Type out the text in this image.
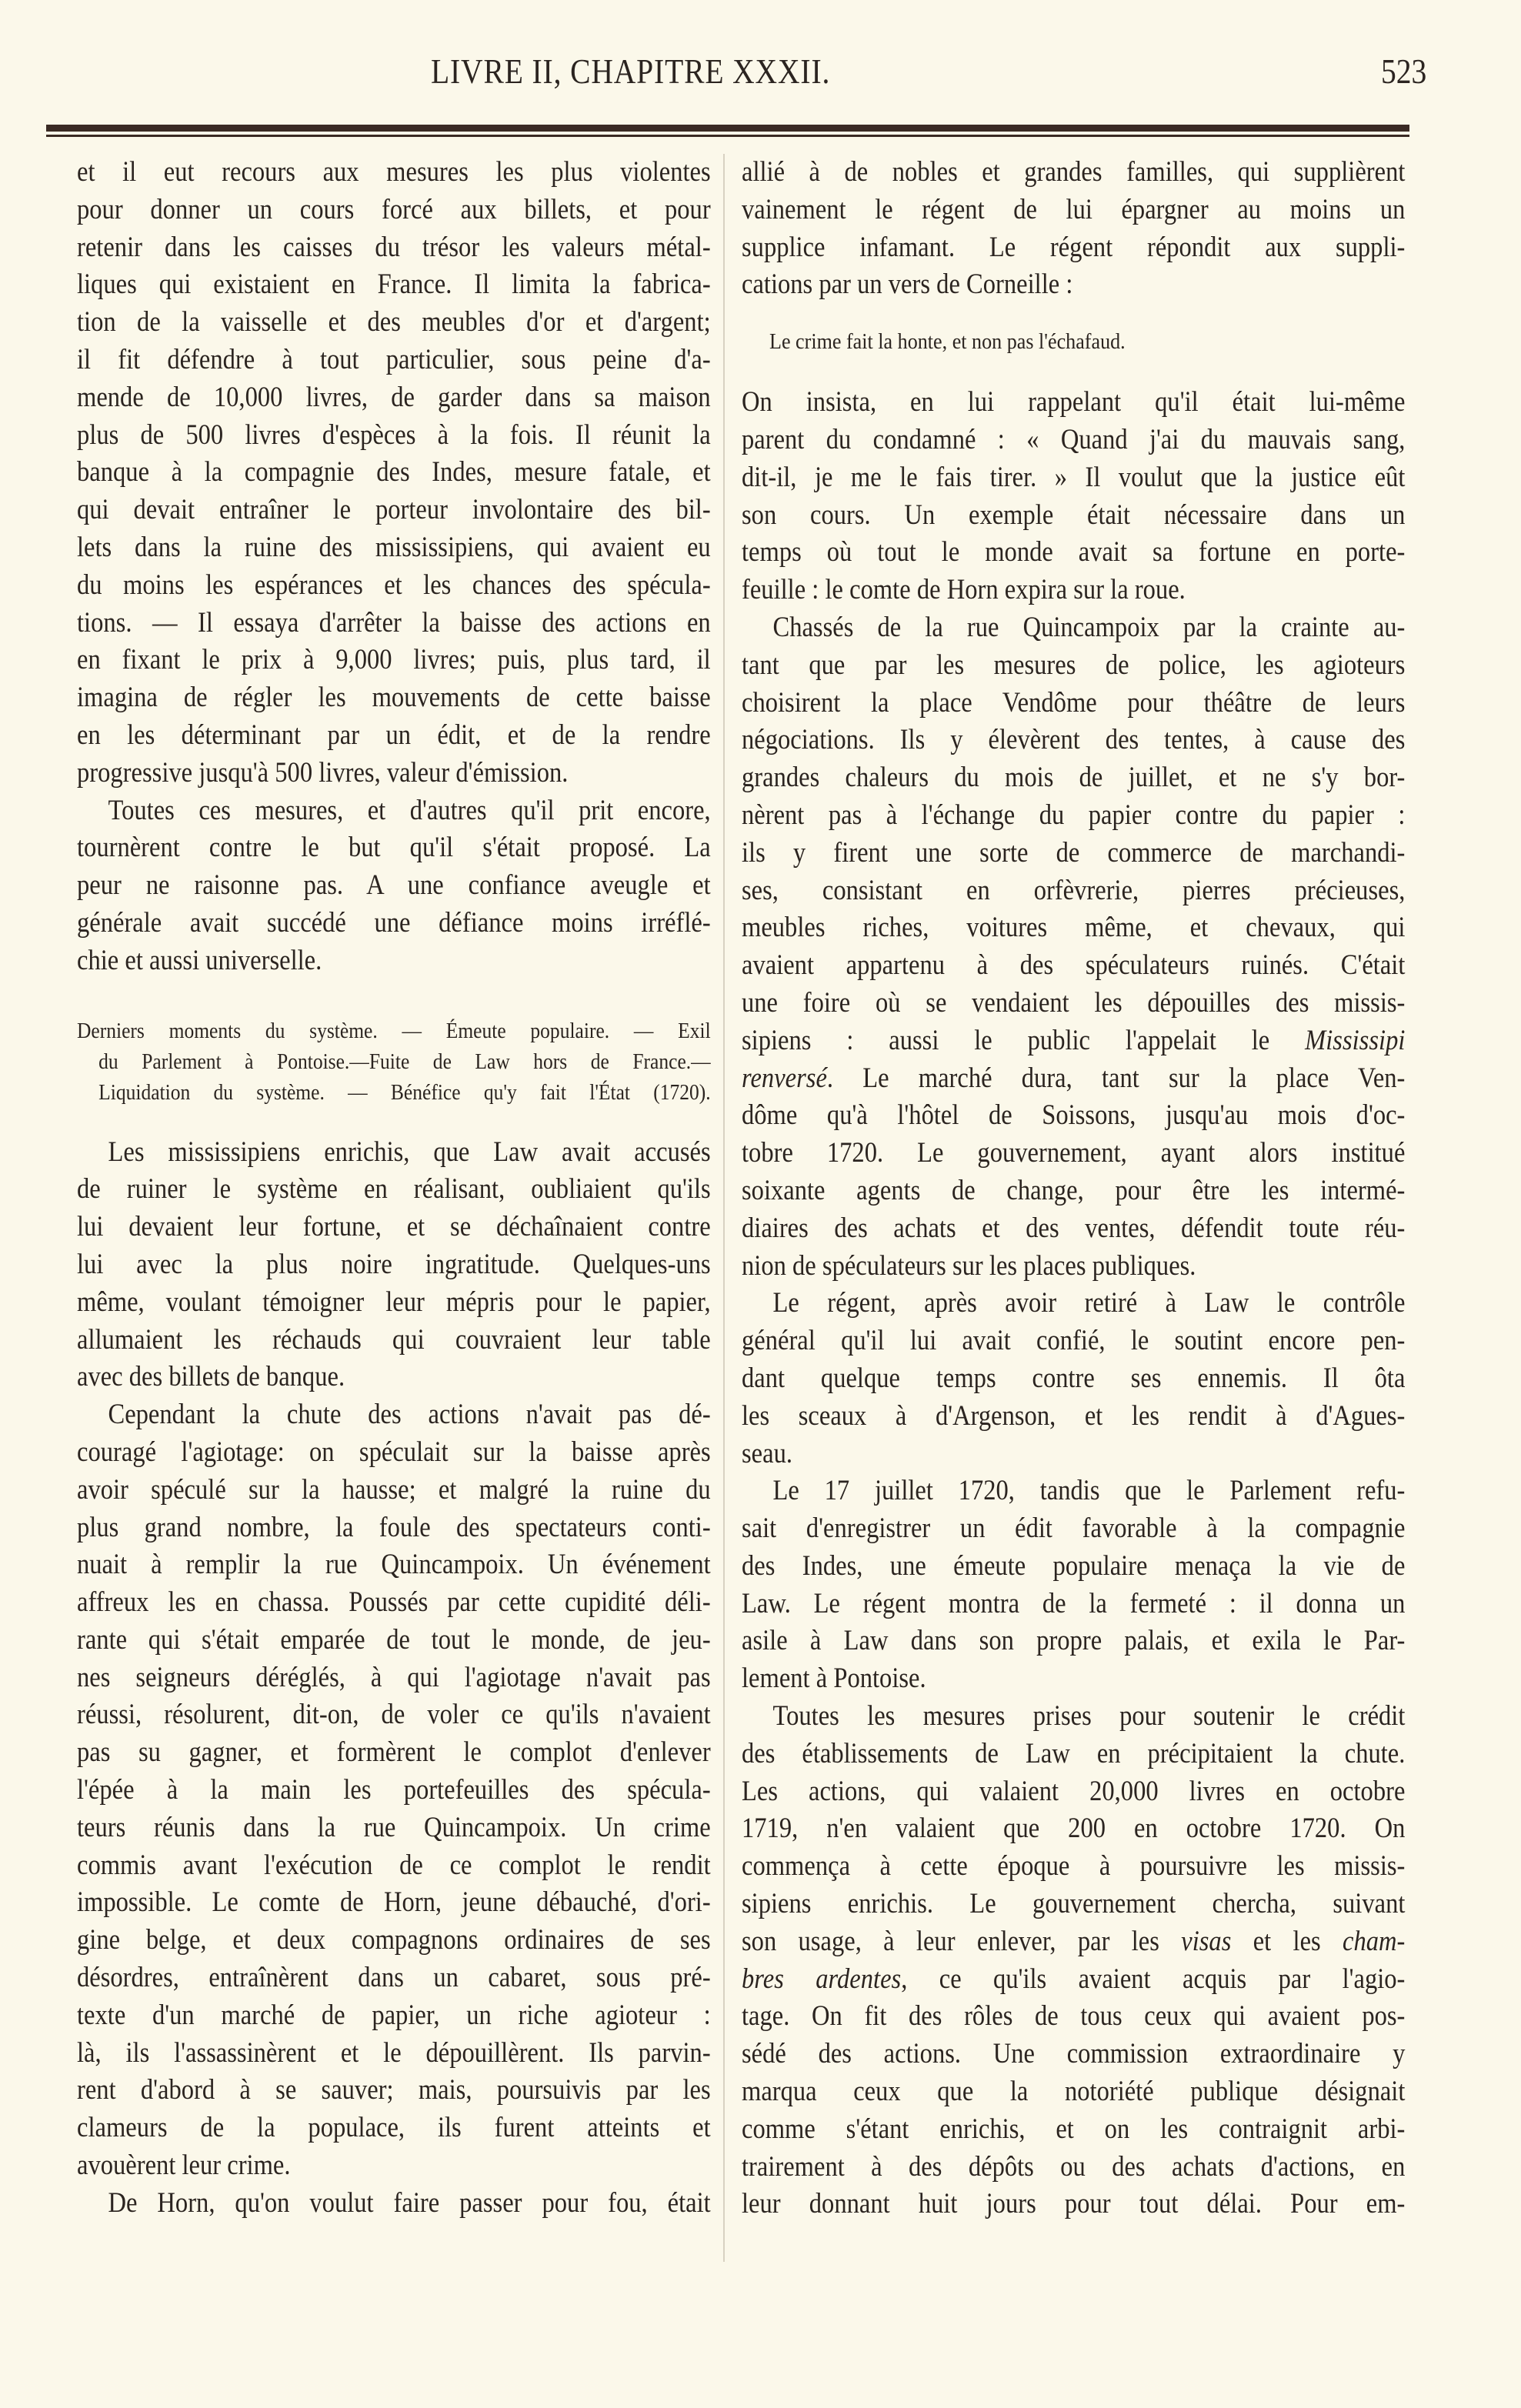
LIVRE II, CHAPITRE XXXII.	523
et il eut recours aux mesures les plus violentes
pour donner un cours forcé aux billets, et pour
retenir dans les caisses du trésor les valeurs métal-
liques qui existaient en France. Il limita la fabrica-
tion de la vaisselle et des meubles d'or et d'argent;
il fit défendre à tout particulier, sous peine d'a-
mende de 10,000 livres, de garder dans sa maison
plus de 500 livres d'espèces à la fois. Il réunit la
banque à la compagnie des Indes, mesure fatale, et
qui devait entraîner le porteur involontaire des bil-
lets dans la ruine des mississipiens, qui avaient eu
du moins les espérances et les chances des spécula-
tions. — Il essaya d'arrêter la baisse des actions en
en fixant le prix à 9,000 livres; puis, plus tard, il
imagina de régler les mouvements de cette baisse
en les déterminant par un édit, et de la rendre
progressive jusqu'à 500 livres, valeur d'émission.
Toutes ces mesures, et d'autres qu'il prit encore,
tournèrent contre le but qu'il s'était proposé. La
peur ne raisonne pas. A une confiance aveugle et
générale avait succédé une défiance moins irréflé-
chie et aussi universelle.
Derniers moments du système. — Émeute populaire. — Exil
du Parlement à Pontoise.—Fuite de Law hors de France.—
Liquidation du système. — Bénéfice qu'y fait l'État (1720).
Les mississipiens enrichis, que Law avait accusés
de ruiner le système en réalisant, oubliaient qu'ils
lui devaient leur fortune, et se déchaînaient contre
lui avec la plus noire ingratitude. Quelques-uns
même, voulant témoigner leur mépris pour le papier,
allumaient les réchauds qui couvraient leur table
avec des billets de banque.
Cependant la chute des actions n'avait pas dé-
couragé l'agiotage: on spéculait sur la baisse après
avoir spéculé sur la hausse; et malgré la ruine du
plus grand nombre, la foule des spectateurs conti-
nuait à remplir la rue Quincampoix. Un événement
affreux les en chassa. Poussés par cette cupidité déli-
rante qui s'était emparée de tout le monde, de jeu-
nes seigneurs déréglés, à qui l'agiotage n'avait pas
réussi, résolurent, dit-on, de voler ce qu'ils n'avaient
pas su gagner, et formèrent le complot d'enlever
l'épée à la main les portefeuilles des spécula-
teurs réunis dans la rue Quincampoix. Un crime
commis avant l'exécution de ce complot le rendit
impossible. Le comte de Horn, jeune débauché, d'ori-
gine belge, et deux compagnons ordinaires de ses
désordres, entraînèrent dans un cabaret, sous pré-
texte d'un marché de papier, un riche agioteur :
là, ils l'assassinèrent et le dépouillèrent. Ils parvin-
rent d'abord à se sauver; mais, poursuivis par les
clameurs de la populace, ils furent atteints et
avouèrent leur crime.
De Horn, qu'on voulut faire passer pour fou, était
allié à de nobles et grandes familles, qui supplièrent
vainement le régent de lui épargner au moins un
supplice infamant. Le régent répondit aux suppli-
cations par un vers de Corneille :
Le crime fait la honte, et non pas l'échafaud.
On insista, en lui rappelant qu'il était lui-même
parent du condamné : « Quand j'ai du mauvais sang,
dit-il, je me le fais tirer. » Il voulut que la justice eût
son cours. Un exemple était nécessaire dans un
temps où tout le monde avait sa fortune en porte-
feuille : le comte de Horn expira sur la roue.
Chassés de la rue Quincampoix par la crainte au-
tant que par les mesures de police, les agioteurs
choisirent la place Vendôme pour théâtre de leurs
négociations. Ils y élevèrent des tentes, à cause des
grandes chaleurs du mois de juillet, et ne s'y bor-
nèrent pas à l'échange du papier contre du papier :
ils y firent une sorte de commerce de marchandi-
ses, consistant en orfèvrerie, pierres précieuses,
meubles riches, voitures même, et chevaux, qui
avaient appartenu à des spéculateurs ruinés. C'était
une foire où se vendaient les dépouilles des missis-
sipiens : aussi le public l'appelait le Mississipi
renversé. Le marché dura, tant sur la place Ven-
dôme qu'à l'hôtel de Soissons, jusqu'au mois d'oc-
tobre 1720. Le gouvernement, ayant alors institué
soixante agents de change, pour être les intermé-
diaires des achats et des ventes, défendit toute réu-
nion de spéculateurs sur les places publiques.
Le régent, après avoir retiré à Law le contrôle
général qu'il lui avait confié, le soutint encore pen-
dant quelque temps contre ses ennemis. Il ôta
les sceaux à d'Argenson, et les rendit à d'Agues-
seau.
Le 17 juillet 1720, tandis que le Parlement refu-
sait d'enregistrer un édit favorable à la compagnie
des Indes, une émeute populaire menaça la vie de
Law. Le régent montra de la fermeté : il donna un
asile à Law dans son propre palais, et exila le Par-
lement à Pontoise.
Toutes les mesures prises pour soutenir le crédit
des établissements de Law en précipitaient la chute.
Les actions, qui valaient 20,000 livres en octobre
1719, n'en valaient que 200 en octobre 1720. On
commença à cette époque à poursuivre les missis-
sipiens enrichis. Le gouvernement chercha, suivant
son usage, à leur enlever, par les visas et les cham-
bres ardentes, ce qu'ils avaient acquis par l'agio-
tage. On fit des rôles de tous ceux qui avaient pos-
sédé des actions. Une commission extraordinaire y
marqua ceux que la notoriété publique désignait
comme s'étant enrichis, et on les contraignit arbi-
trairement à des dépôts ou des achats d'actions, en
leur donnant huit jours pour tout délai. Pour em-
